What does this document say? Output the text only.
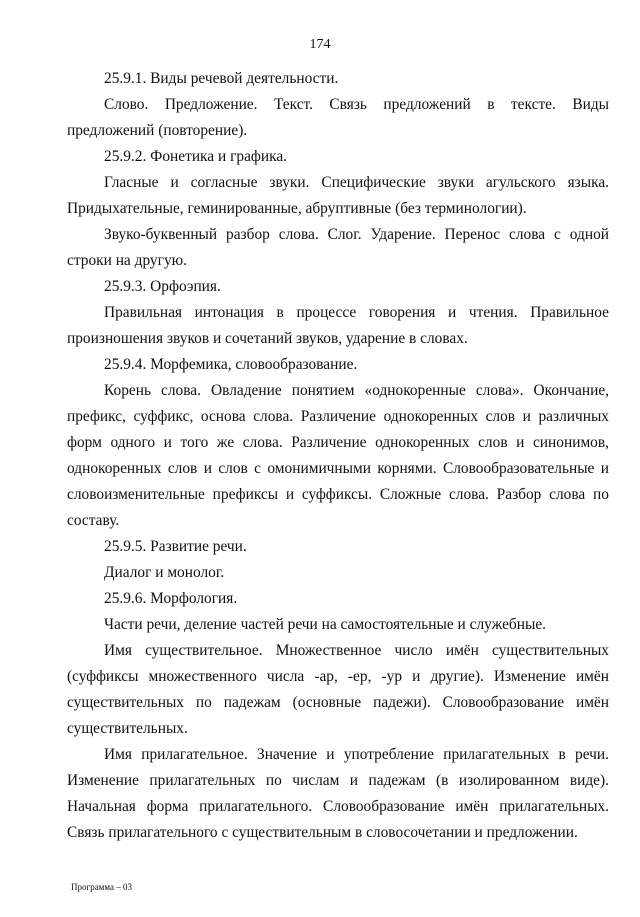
174

25.9.1. Виды речевой деятельности.

Слово. Предложение. Текст. Связь предложений в тексте. Виды предложений (повторение).

25.9.2. Фонетика и графика.

Гласные и согласные звуки. Специфические звуки агульского языка. Придыхательные, геминированные, абруптивные (без терминологии).

Звуко-буквенный разбор слова. Слог. Ударение. Перенос слова с одной строки на другую.

25.9.3. Орфоэпия.

Правильная интонация в процессе говорения и чтения. Правильное произношения звуков и сочетаний звуков, ударение в словах.

25.9.4. Морфемика, словообразование.

Корень слова. Овладение понятием «однокоренные слова». Окончание, префикс, суффикс, основа слова. Различение однокоренных слов и различных форм одного и того же слова. Различение однокоренных слов и синонимов, однокоренных слов и слов с омонимичными корнями. Словообразовательные и словоизменительные префиксы и суффиксы. Сложные слова. Разбор слова по составу.

25.9.5. Развитие речи.

Диалог и монолог.

25.9.6. Морфология.

Части речи, деление частей речи на самостоятельные и служебные.

Имя существительное. Множественное число имён существительных (суффиксы множественного числа -ар, -ер, -ур и другие). Изменение имён существительных по падежам (основные падежи). Словообразование имён существительных.

Имя прилагательное. Значение и употребление прилагательных в речи. Изменение прилагательных по числам и падежам (в изолированном виде). Начальная форма прилагательного. Словообразование имён прилагательных. Связь прилагательного с существительным в словосочетании и предложении.

Программа – 03
